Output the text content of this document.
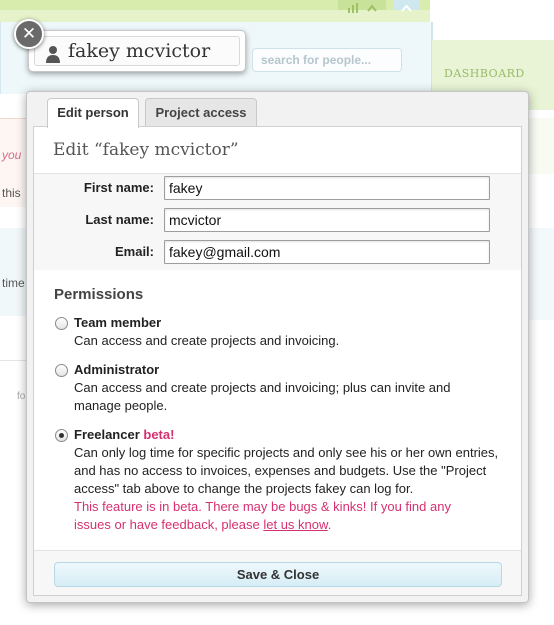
search for people...
DASHBOARD
you
this
time
fo
fakey mcvictor
✕
Edit person	Project access
Edit “fakey mcvictor”
First name:
fakey
Last name:
mcvictor
Email:
fakey@gmail.com
Permissions
Team member
Can access and create projects and invoicing.
Administrator
Can access and create projects and invoicing; plus can invite and manage people.
Freelancer beta!
Can only log time for specific projects and only see his or her own entries, and has no access to invoices, expenses and budgets. Use the "Project access" tab above to change the projects fakey can log for.
This feature is in beta. There may be bugs & kinks! If you find any issues or have feedback, please let us know.
Save & Close
